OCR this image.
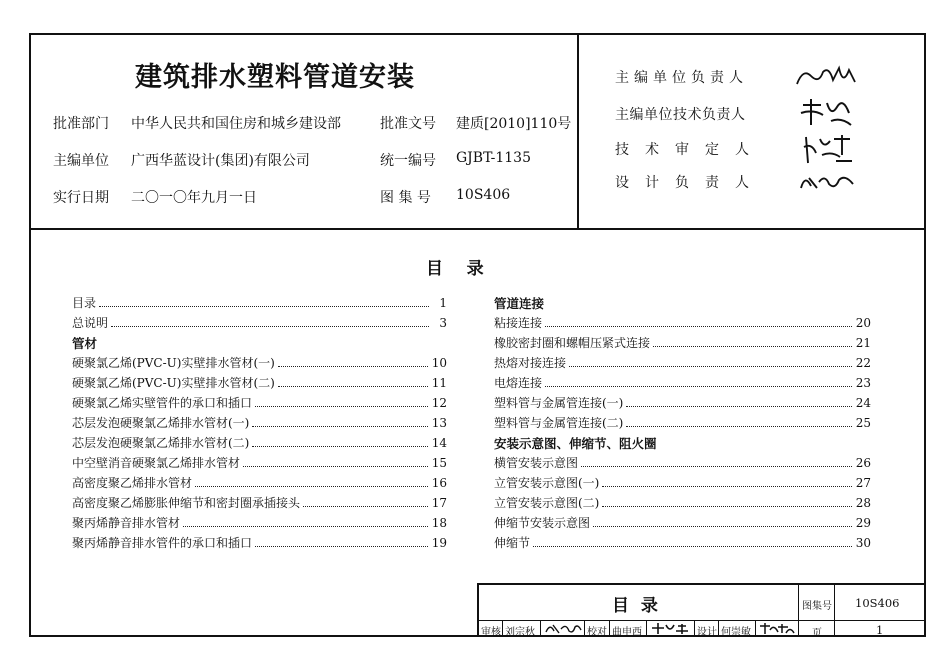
建筑排水塑料管道安装
批准部门 中华人民共和国住房和城乡建设部	批准文号 建质[2010]110号
主编单位 广西华蓝设计(集团)有限公司	统一编号 GJBT-1135
实行日期 二〇一〇年九月一日	图 集 号 10S406
主编单位负责人
主编单位技术负责人
技术审定人
设计负责人
目    录
目录	1
总说明	3
管材
硬聚氯乙烯(PVC-U)实壁排水管材(一)	10
硬聚氯乙烯(PVC-U)实壁排水管材(二)	11
硬聚氯乙烯实壁管件的承口和插口	12
芯层发泡硬聚氯乙烯排水管材(一)	13
芯层发泡硬聚氯乙烯排水管材(二)	14
中空壁消音硬聚氯乙烯排水管材	15
高密度聚乙烯排水管材	16
高密度聚乙烯膨胀伸缩节和密封圈承插接头	17
聚丙烯静音排水管材	18
聚丙烯静音排水管件的承口和插口	19
管道连接
粘接连接	20
橡胶密封圈和螺帽压紧式连接	21
热熔对接连接	22
电熔连接	23
塑料管与金属管连接(一)	24
塑料管与金属管连接(二)	25
安装示意图、伸缩节、阻火圈
横管安装示意图	26
立管安装示意图(一)	27
立管安装示意图(二)	28
伸缩节安装示意图	29
伸缩节	30
目  录	图集号 10S406
页	1
审核 刘宗秋	校对 曲申西	设计 何崇敏
